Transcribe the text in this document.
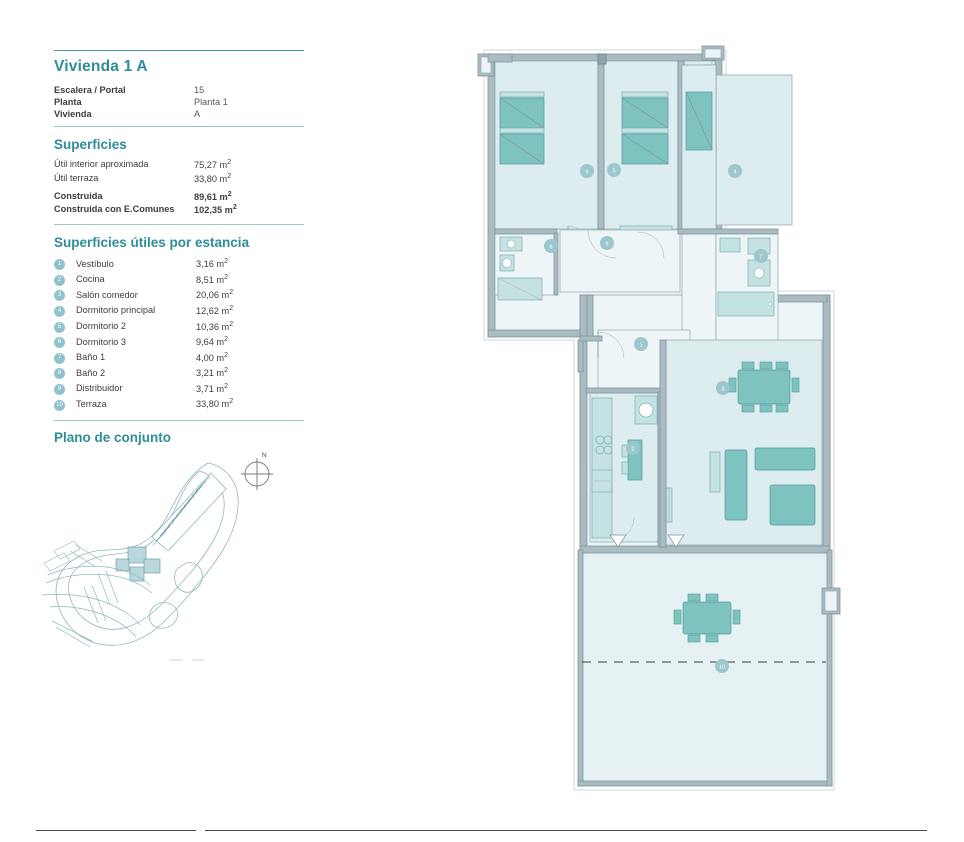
Vivienda 1 A
Escalera / Portal	15
Planta	Planta 1
Vivienda	A
Superficies
Útil interior aproximada	75,27 $m^2$
Útil terraza	33,80 $m^2$
Construida	89,61 $m^2$
Construida con E.Comunes	102,35 $m^2$
Superficies útiles por estancia
1	Vestíbulo	3,16 $m^2$
2	Cocina	8,51 $m^2$
3	Salón comedor	20,06 $m^2$
4	Dormitorio principal	12,62 $m^2$
5	Dormitorio 2	10,36 $m^2$
6	Dormitorio 3	9,64 $m^2$
7	Baño 1	4,00 $m^2$
8	Baño 2	3,21 $m^2$
9	Distribuidor	3,71 $m^2$
10	Terraza	33,80 $m^2$
Plano de conjunto
N
1
2
3
4
5
6
7
8	9
10
